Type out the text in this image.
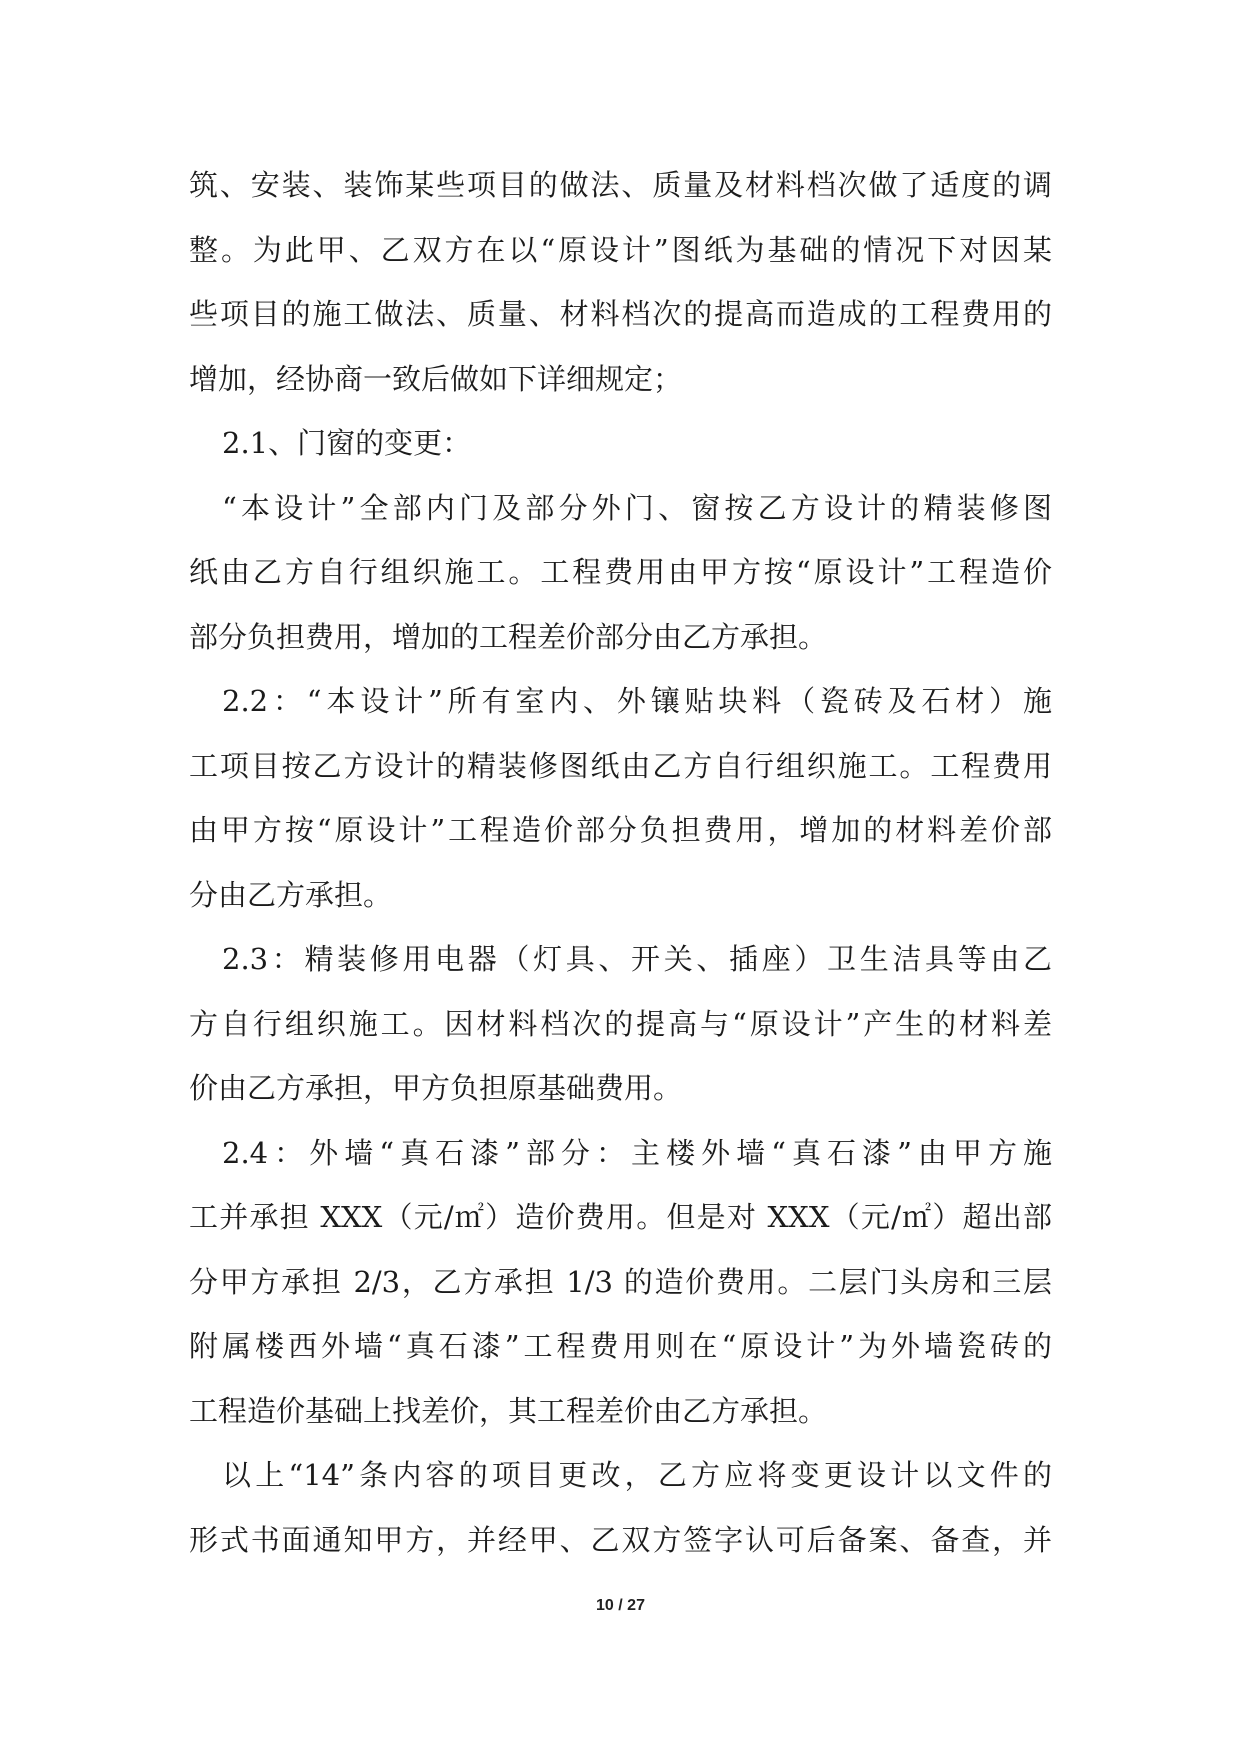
筑、安装、装饰某些项目的做法、质量及材料档次做了适度的调
整。为此甲、乙双方在以“原设计”图纸为基础的情况下对因某
些项目的施工做法、质量、材料档次的提高而造成的工程费用的
增加，经协商一致后做如下详细规定；
2.1、门窗的变更：
“本设计”全部内门及部分外门、窗按乙方设计的精装修图
纸由乙方自行组织施工。工程费用由甲方按“原设计”工程造价
部分负担费用，增加的工程差价部分由乙方承担。
2.2：“本设计”所有室内、外镶贴块料（瓷砖及石材）施
工项目按乙方设计的精装修图纸由乙方自行组织施工。工程费用
由甲方按“原设计”工程造价部分负担费用，增加的材料差价部
分由乙方承担。
2.3：精装修用电器（灯具、开关、插座）卫生洁具等由乙
方自行组织施工。因材料档次的提高与“原设计”产生的材料差
价由乙方承担，甲方负担原基础费用。
2.4：外墙“真石漆”部分：主楼外墙“真石漆”由甲方施
工并承担 XXX（元/㎡）造价费用。但是对 XXX（元/㎡）超出部
分甲方承担 2/3，乙方承担 1/3 的造价费用。二层门头房和三层
附属楼西外墙“真石漆”工程费用则在“原设计”为外墙瓷砖的
工程造价基础上找差价，其工程差价由乙方承担。
以上“14”条内容的项目更改，乙方应将变更设计以文件的
形式书面通知甲方，并经甲、乙双方签字认可后备案、备查，并
10 / 27
